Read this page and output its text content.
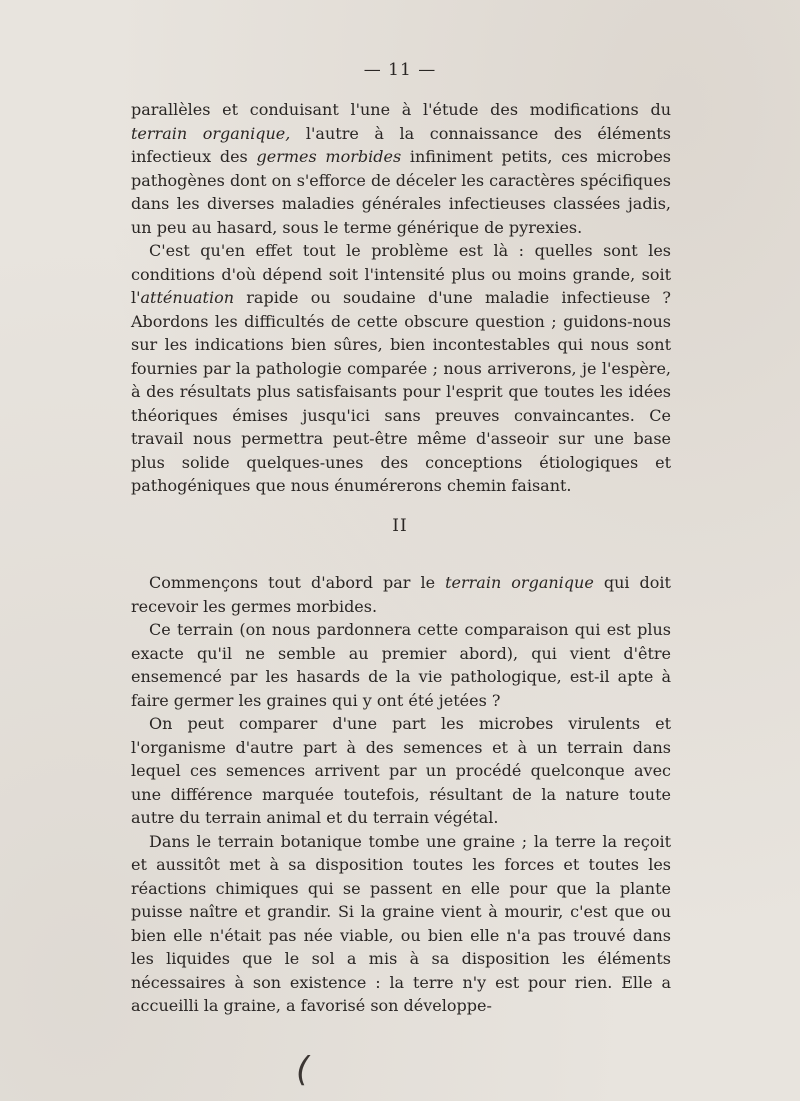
— 11 —

parallèles et conduisant l'une à l'étude des modifications du terrain organique, l'autre à la connaissance des éléments infectieux des germes morbides infiniment petits, ces microbes pathogènes dont on s'efforce de déceler les caractères spécifiques dans les diverses maladies générales infectieuses classées jadis, un peu au hasard, sous le terme générique de pyrexies.

C'est qu'en effet tout le problème est là : quelles sont les conditions d'où dépend soit l'intensité plus ou moins grande, soit l'atténuation rapide ou soudaine d'une maladie infectieuse ? Abordons les difficultés de cette obscure question ; guidons-nous sur les indications bien sûres, bien incontestables qui nous sont fournies par la pathologie comparée ; nous arriverons, je l'espère, à des résultats plus satisfaisants pour l'esprit que toutes les idées théoriques émises jusqu'ici sans preuves convaincantes. Ce travail nous permettra peut-être même d'asseoir sur une base plus solide quelques-unes des conceptions étiologiques et pathogéniques que nous énumérerons chemin faisant.

II

Commençons tout d'abord par le terrain organique qui doit recevoir les germes morbides.

Ce terrain (on nous pardonnera cette comparaison qui est plus exacte qu'il ne semble au premier abord), qui vient d'être ensemencé par les hasards de la vie pathologique, est-il apte à faire germer les graines qui y ont été jetées ?

On peut comparer d'une part les microbes virulents et l'organisme d'autre part à des semences et à un terrain dans lequel ces semences arrivent par un procédé quelconque avec une différence marquée toutefois, résultant de la nature toute autre du terrain animal et du terrain végétal.

Dans le terrain botanique tombe une graine ; la terre la reçoit et aussitôt met à sa disposition toutes les forces et toutes les réactions chimiques qui se passent en elle pour que la plante puisse naître et grandir. Si la graine vient à mourir, c'est que ou bien elle n'était pas née viable, ou bien elle n'a pas trouvé dans les liquides que le sol a mis à sa disposition les éléments nécessaires à son existence : la terre n'y est pour rien. Elle a accueilli la graine, a favorisé son développe-

(
